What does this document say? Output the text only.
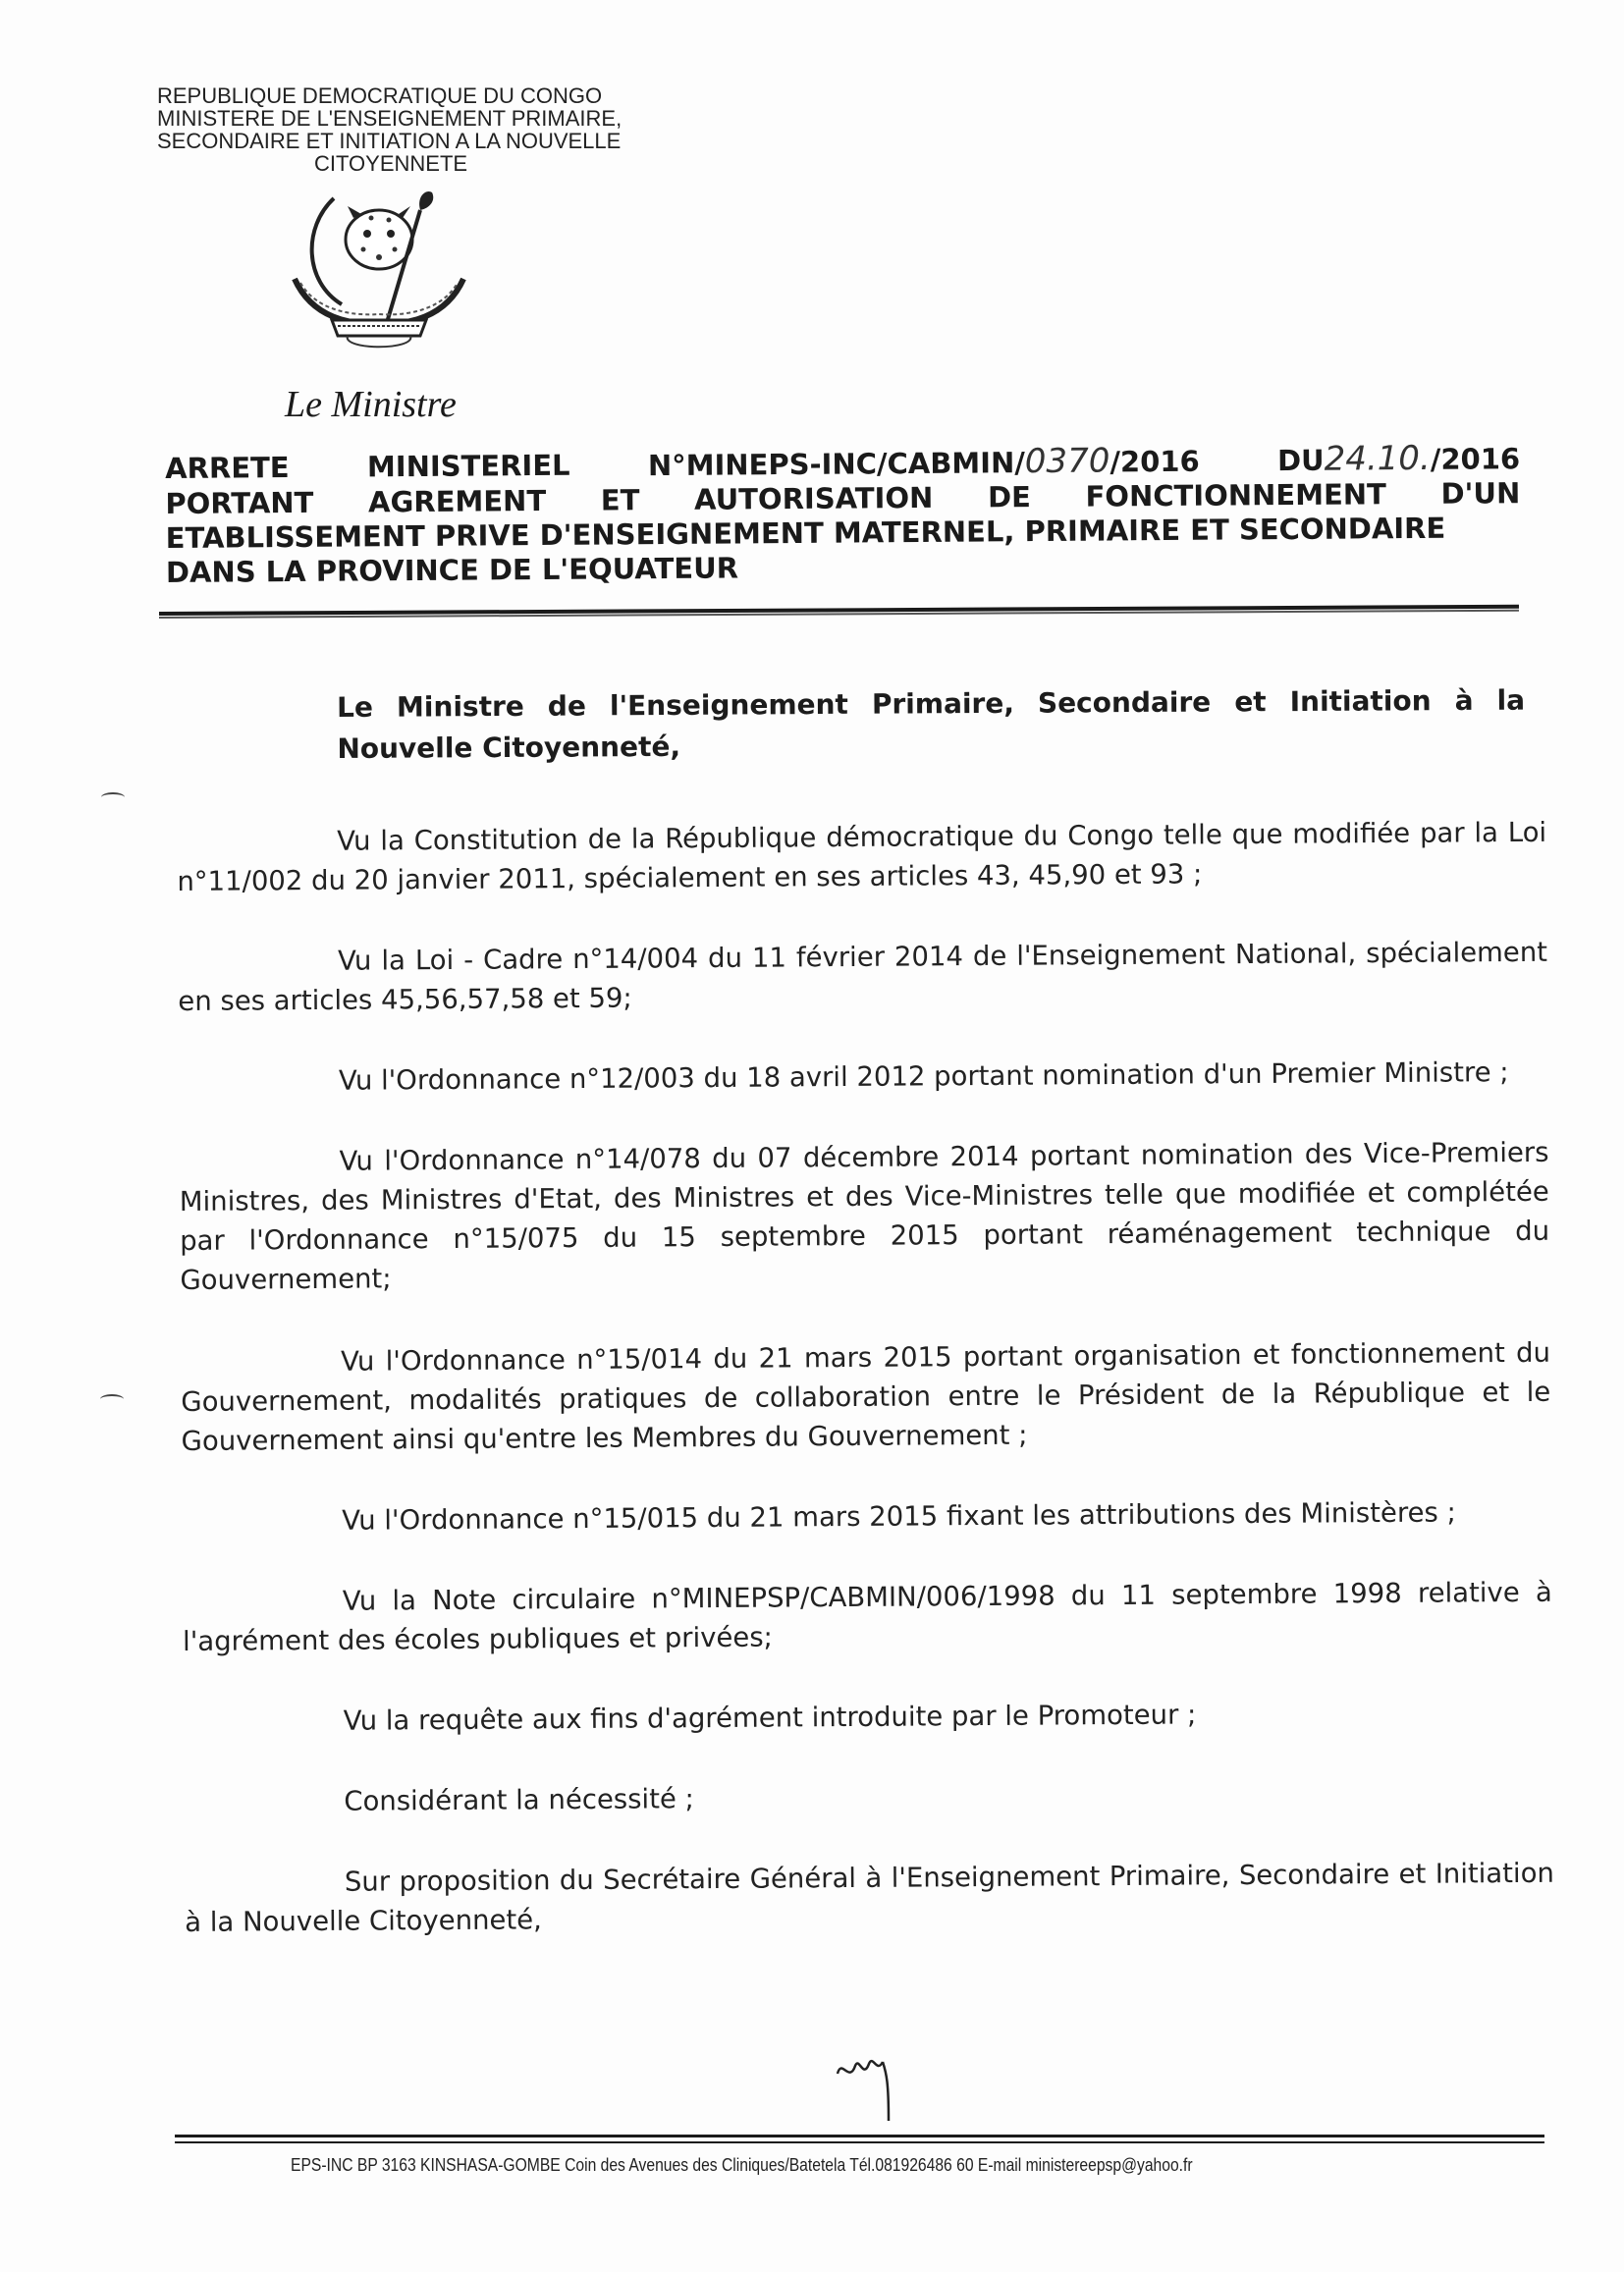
REPUBLIQUE DEMOCRATIQUE DU CONGO
MINISTERE DE L'ENSEIGNEMENT PRIMAIRE,
SECONDAIRE ET INITIATION A LA NOUVELLE
CITOYENNETE
Le Ministre
ARRETE	MINISTERIEL	N°MINEPS-INC/CABMIN/0370/2016	DU24.10./2016
PORTANT AGREMENT ET AUTORISATION DE FONCTIONNEMENT D'UN
ETABLISSEMENT PRIVE D'ENSEIGNEMENT MATERNEL, PRIMAIRE ET SECONDAIRE
DANS LA PROVINCE DE L'EQUATEUR
Le Ministre de l'Enseignement Primaire, Secondaire et Initiation à la Nouvelle Citoyenneté,

Vu la Constitution de la République démocratique du Congo telle que modifiée par la Loi n°11/002 du 20 janvier 2011, spécialement en ses articles 43, 45,90 et 93 ;

Vu la Loi - Cadre n°14/004 du 11 février 2014 de l'Enseignement National, spécialement en ses articles 45,56,57,58 et 59;

Vu l'Ordonnance n°12/003 du 18 avril 2012 portant nomination d'un Premier Ministre ;

Vu l'Ordonnance n°14/078 du 07 décembre 2014 portant nomination des Vice-Premiers Ministres, des Ministres d'Etat, des Ministres et des Vice-Ministres telle que modifiée et complétée par l'Ordonnance n°15/075 du 15 septembre 2015 portant réaménagement technique du Gouvernement;

Vu l'Ordonnance n°15/014 du 21 mars 2015 portant organisation et fonctionnement du Gouvernement, modalités pratiques de collaboration entre le Président de la République et le Gouvernement ainsi qu'entre les Membres du Gouvernement ;

Vu l'Ordonnance n°15/015 du 21 mars 2015 fixant les attributions des Ministères ;

Vu la Note circulaire n°MINEPSP/CABMIN/006/1998 du 11 septembre 1998 relative à l'agrément des écoles publiques et privées;

Vu la requête aux fins d'agrément introduite par le Promoteur ;

Considérant la nécessité ;

Sur proposition du Secrétaire Général à l'Enseignement Primaire, Secondaire et Initiation à la Nouvelle Citoyenneté,

EPS-INC BP 3163 KINSHASA-GOMBE Coin des Avenues des Cliniques/Batetela Tél.081926486 60 E-mail ministereepsp@yahoo.fr
